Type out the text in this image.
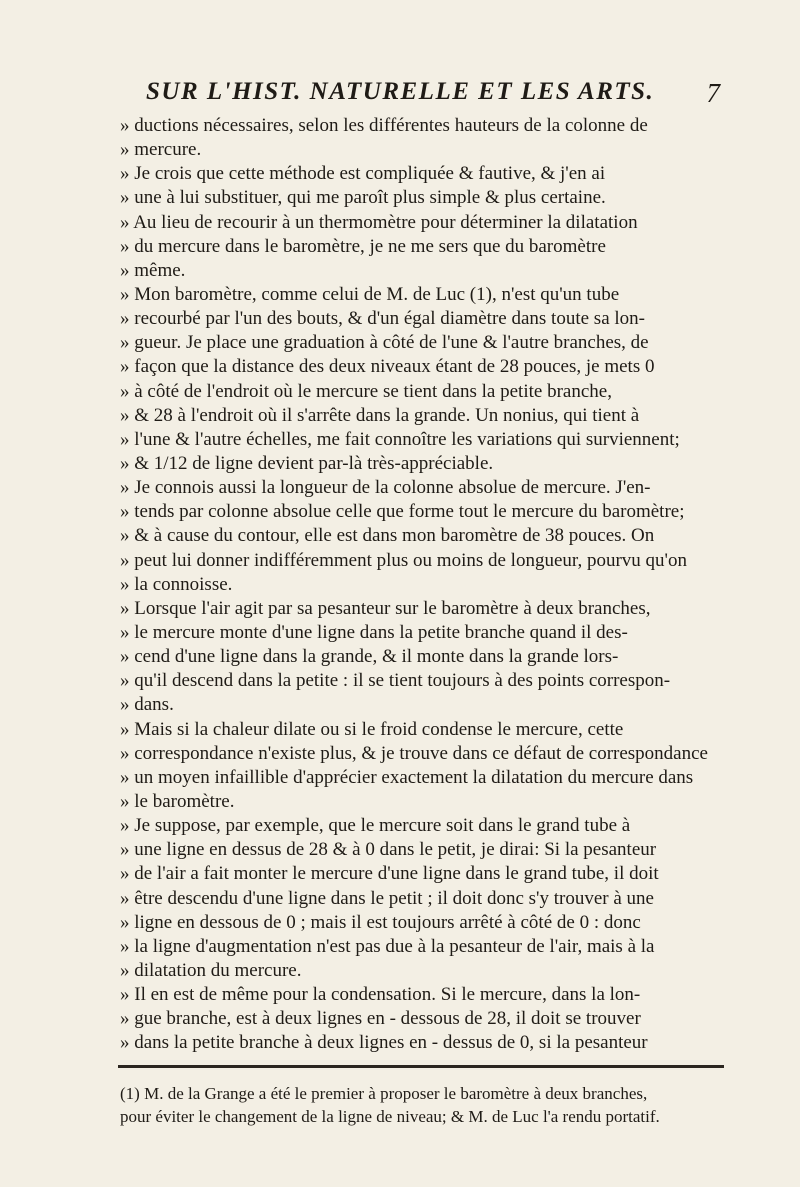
SUR L'HIST. NATURELLE ET LES ARTS. 7
» ductions nécessaires, selon les différentes hauteurs de la colonne de
» mercure.
» Je crois que cette méthode est compliquée & fautive, & j'en ai
» une à lui substituer, qui me paroît plus simple & plus certaine.
» Au lieu de recourir à un thermomètre pour déterminer la dilatation
» du mercure dans le baromètre, je ne me sers que du baromètre
» même.
» Mon baromètre, comme celui de M. de Luc (1), n'est qu'un tube
» recourbé par l'un des bouts, & d'un égal diamètre dans toute sa lon-
» gueur. Je place une graduation à côté de l'une & l'autre branches, de
» façon que la distance des deux niveaux étant de 28 pouces, je mets 0
» à côté de l'endroit où le mercure se tient dans la petite branche,
» & 28 à l'endroit où il s'arrête dans la grande. Un nonius, qui tient à
» l'une & l'autre échelles, me fait connoître les variations qui surviennent;
» & 1/12 de ligne devient par-là très-appréciable.
» Je connois aussi la longueur de la colonne absolue de mercure. J'en-
» tends par colonne absolue celle que forme tout le mercure du baromètre;
» & à cause du contour, elle est dans mon baromètre de 38 pouces. On
» peut lui donner indifféremment plus ou moins de longueur, pourvu qu'on
» la connoisse.
» Lorsque l'air agit par sa pesanteur sur le baromètre à deux branches,
» le mercure monte d'une ligne dans la petite branche quand il des-
» cend d'une ligne dans la grande, & il monte dans la grande lors-
» qu'il descend dans la petite : il se tient toujours à des points correspon-
» dans.
» Mais si la chaleur dilate ou si le froid condense le mercure, cette
» correspondance n'existe plus, & je trouve dans ce défaut de correspondance
» un moyen infaillible d'apprécier exactement la dilatation du mercure dans
» le baromètre.
» Je suppose, par exemple, que le mercure soit dans le grand tube à
» une ligne en dessus de 28 & à 0 dans le petit, je dirai: Si la pesanteur
» de l'air a fait monter le mercure d'une ligne dans le grand tube, il doit
» être descendu d'une ligne dans le petit ; il doit donc s'y trouver à une
» ligne en dessous de 0 ; mais il est toujours arrêté à côté de 0 : donc
» la ligne d'augmentation n'est pas due à la pesanteur de l'air, mais à la
» dilatation du mercure.
» Il en est de même pour la condensation. Si le mercure, dans la lon-
» gue branche, est à deux lignes en - dessous de 28, il doit se trouver
» dans la petite branche à deux lignes en - dessus de 0, si la pesanteur
(1) M. de la Grange a été le premier à proposer le baromètre à deux branches,
pour éviter le changement de la ligne de niveau; & M. de Luc l'a rendu portatif.
